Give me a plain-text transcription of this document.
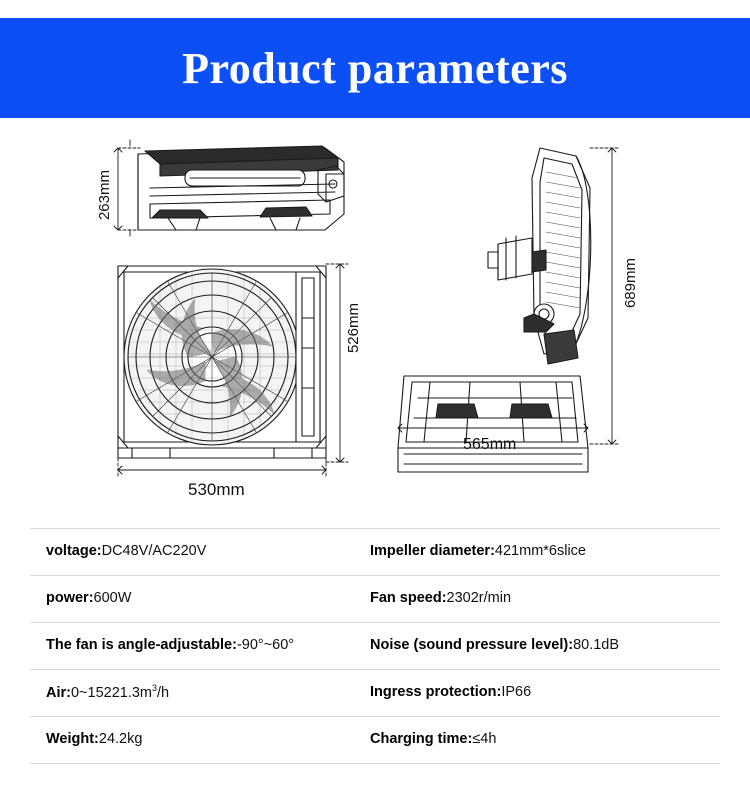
Product parameters
263mm
526mm
530mm
689mm
565mm
voltage: DC48V/AC220V	Impeller diameter: 421mm*6slice
power: 600W	Fan speed: 2302r/min
The fan is angle-adjustable: -90°~60°	Noise (sound pressure level): 80.1dB
Air: $0\sim 15221.3m^3/h$	Ingress protection: IP66
Weight: 24.2kg	Charging time: ≤4h
